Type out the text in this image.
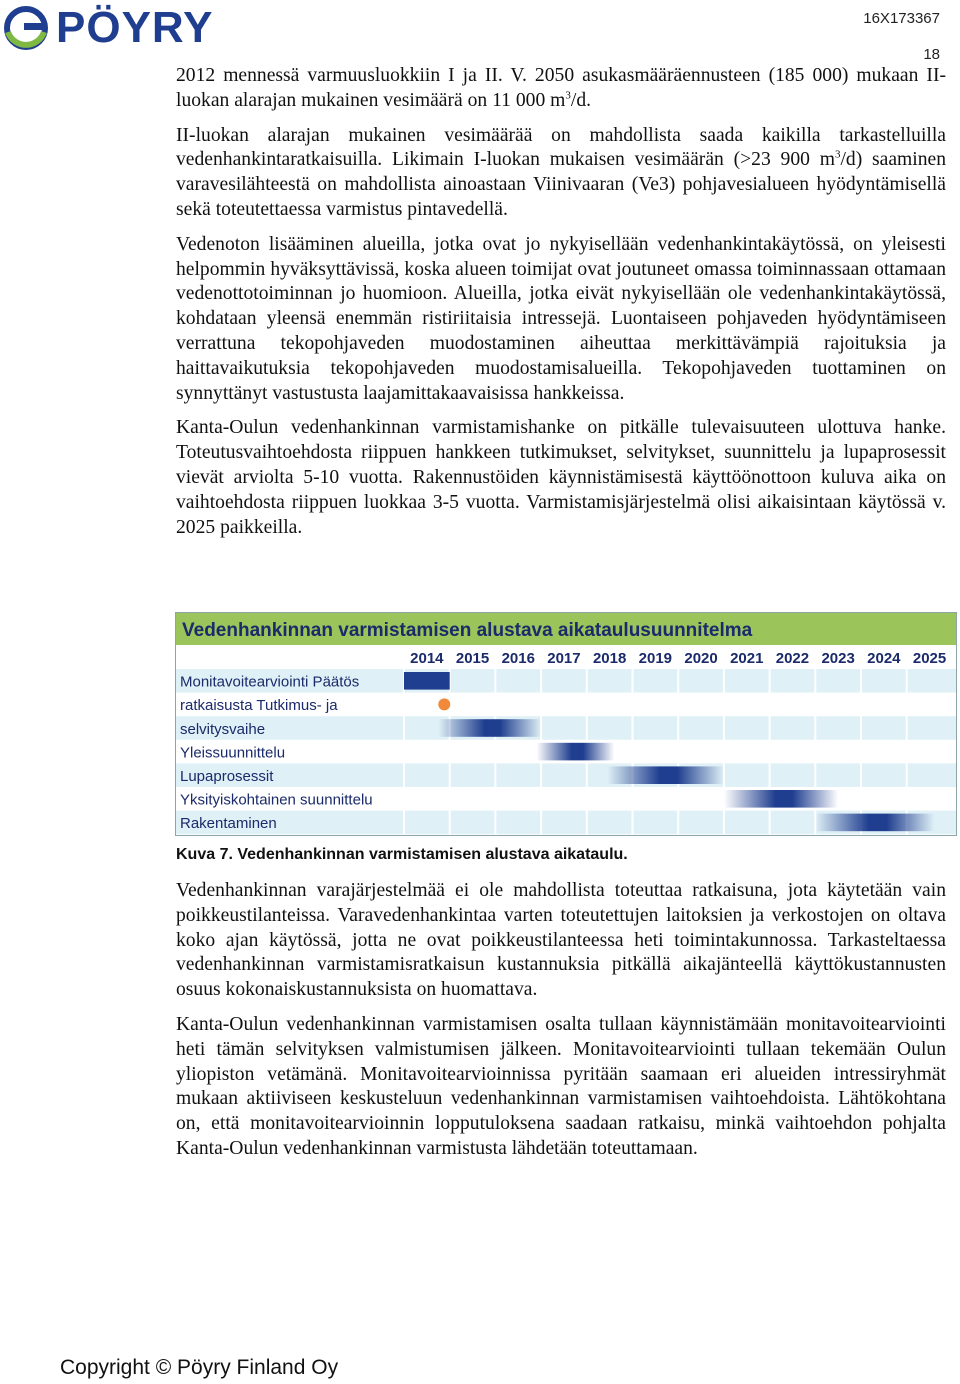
PÖYRY	16X173367
18

2012 mennessä varmuusluokkiin I ja II. V. 2050 asukasmääräennusteen (185 000) mukaan II-luokan alarajan mukainen vesimäärä on 11 000 $m^3/d$.

II-luokan alarajan mukainen vesimäärää on mahdollista saada kaikilla tarkastelluilla vedenhankintaratkaisuilla. Likimain I-luokan mukaisen vesimäärän (>23 900 $m^3/d$) saaminen varavesilähteestä on mahdollista ainoastaan Viinivaaran (Ve3) pohjavesialueen hyödyntämisellä sekä toteutettaessa varmistus pintavedellä.

Vedenoton lisääminen alueilla, jotka ovat jo nykyisellään vedenhankintakäytössä, on yleisesti helpommin hyväksyttävissä, koska alueen toimijat ovat joutuneet omassa toiminnassaan ottamaan vedenottotoiminnan jo huomioon. Alueilla, jotka eivät nykyisellään ole vedenhankintakäytössä, kohdataan yleensä enemmän ristiriitaisia intressejä. Luontaiseen pohjaveden hyödyntämiseen verrattuna tekopohjaveden muodostaminen aiheuttaa merkittävämpiä rajoituksia ja haittavaikutuksia tekopohjaveden muodostamisalueilla. Tekopohjaveden tuottaminen on synnyttänyt vastustusta laajamittakaavaisissa hankkeissa.

Kanta-Oulun vedenhankinnan varmistamishanke on pitkälle tulevaisuuteen ulottuva hanke. Toteutusvaihtoehdosta riippuen hankkeen tutkimukset, selvitykset, suunnittelu ja lupaprosessit vievät arviolta 5-10 vuotta. Rakennustöiden käynnistämisestä käyttöönottoon kuluva aika on vaihtoehdosta riippuen luokkaa 3-5 vuotta. Varmistamisjärjestelmä olisi aikaisintaan käytössä v. 2025 paikkeilla.

Vedenhankinnan varmistamisen alustava aikataulusuunnitelma
Monitavoitearviointi Päätös
ratkaisusta Tutkimus- ja
selvitysvaihe
Yleissuunnittelu
Lupaprosessit
Yksityiskohtainen suunnittelu
Rakentaminen
2014 2015 2016 2017 2018 2019 2020 2021 2022 2023 2024 2025

Kuva 7. Vedenhankinnan varmistamisen alustava aikataulu.

Vedenhankinnan varajärjestelmää ei ole mahdollista toteuttaa ratkaisuna, jota käytetään vain poikkeustilanteissa. Varavedenhankintaa varten toteutettujen laitoksien ja verkostojen on oltava koko ajan käytössä, jotta ne ovat poikkeustilanteessa heti toimintakunnossa. Tarkasteltaessa vedenhankinnan varmistamisratkaisun kustannuksia pitkällä aikajänteellä käyttökustannusten osuus kokonaiskustannuksista on huomattava.

Kanta-Oulun vedenhankinnan varmistamisen osalta tullaan käynnistämään monitavoitearviointi heti tämän selvityksen valmistumisen jälkeen. Monitavoitearviointi tullaan tekemään Oulun yliopiston vetämänä. Monitavoitearvioinnissa pyritään saamaan eri alueiden intressiryhmät mukaan aktiiviseen keskusteluun vedenhankinnan varmistamisen vaihtoehdoista. Lähtökohtana on, että monitavoitearvioinnin lopputuloksena saadaan ratkaisu, minkä vaihtoehdon pohjalta Kanta-Oulun vedenhankinnan varmistusta lähdetään toteuttamaan.

Copyright © Pöyry Finland Oy
